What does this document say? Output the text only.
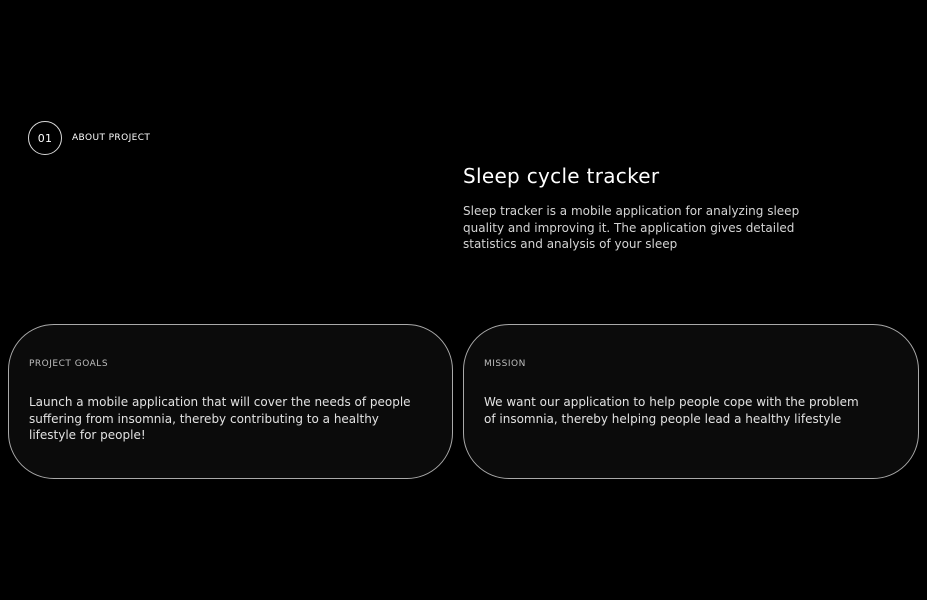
01	ABOUT PROJECT
Sleep cycle tracker

Sleep tracker is a mobile application for analyzing sleep quality and improving it. The application gives detailed statistics and analysis of your sleep

PROJECT GOALS
Launch a mobile application that will cover the needs of people suffering from insomnia, thereby contributing to a healthy lifestyle for people!
MISSION
We want our application to help people cope with the problem of insomnia, thereby helping people lead a healthy lifestyle
